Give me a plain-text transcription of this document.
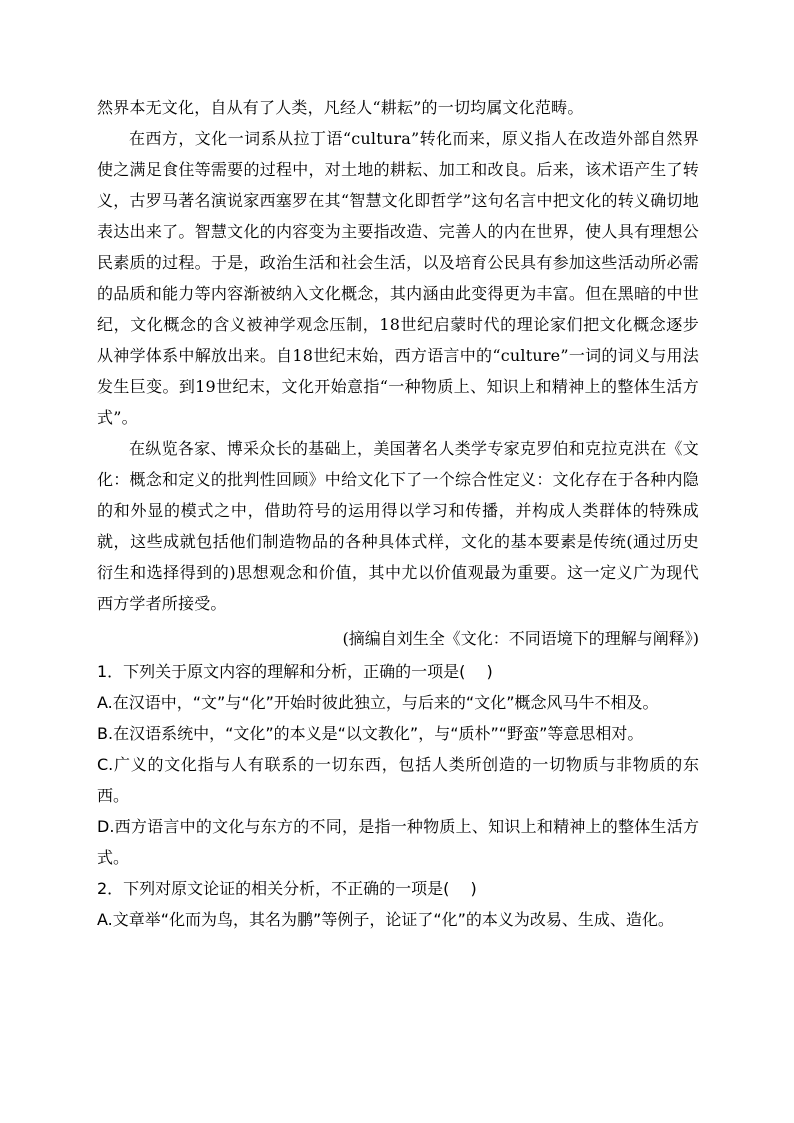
然界本无文化，自从有了人类，凡经人“耕耘”的一切均属文化范畴。

在西方，文化一词系从拉丁语“cultura”转化而来，原义指人在改造外部自然界使之满足食住等需要的过程中，对土地的耕耘、加工和改良。后来，该术语产生了转义，古罗马著名演说家西塞罗在其“智慧文化即哲学”这句名言中把文化的转义确切地表达出来了。智慧文化的内容变为主要指改造、完善人的内在世界，使人具有理想公民素质的过程。于是，政治生活和社会生活，以及培育公民具有参加这些活动所必需的品质和能力等内容渐被纳入文化概念，其内涵由此变得更为丰富。但在黑暗的中世纪，文化概念的含义被神学观念压制，18世纪启蒙时代的理论家们把文化概念逐步从神学体系中解放出来。自18世纪末始，西方语言中的“culture”一词的词义与用法发生巨变。到19世纪末，文化开始意指“一种物质上、知识上和精神上的整体生活方式”。

在纵览各家、博采众长的基础上，美国著名人类学专家克罗伯和克拉克洪在《文化：概念和定义的批判性回顾》中给文化下了一个综合性定义：文化存在于各种内隐的和外显的模式之中，借助符号的运用得以学习和传播，并构成人类群体的特殊成就，这些成就包括他们制造物品的各种具体式样，文化的基本要素是传统(通过历史衍生和选择得到的)思想观念和价值，其中尤以价值观最为重要。这一定义广为现代西方学者所接受。

(摘编自刘生全《文化：不同语境下的理解与阐释》)

1．下列关于原文内容的理解和分析，正确的一项是(　 )

A.在汉语中，“文”与“化”开始时彼此独立，与后来的“文化”概念风马牛不相及。

B.在汉语系统中，“文化”的本义是“以文教化”，与“质朴”“野蛮”等意思相对。

C.广义的文化指与人有联系的一切东西，包括人类所创造的一切物质与非物质的东西。

D.西方语言中的文化与东方的不同，是指一种物质上、知识上和精神上的整体生活方式。

2．下列对原文论证的相关分析，不正确的一项是(　 )

A.文章举“化而为鸟，其名为鹏”等例子，论证了“化”的本义为改易、生成、造化。
